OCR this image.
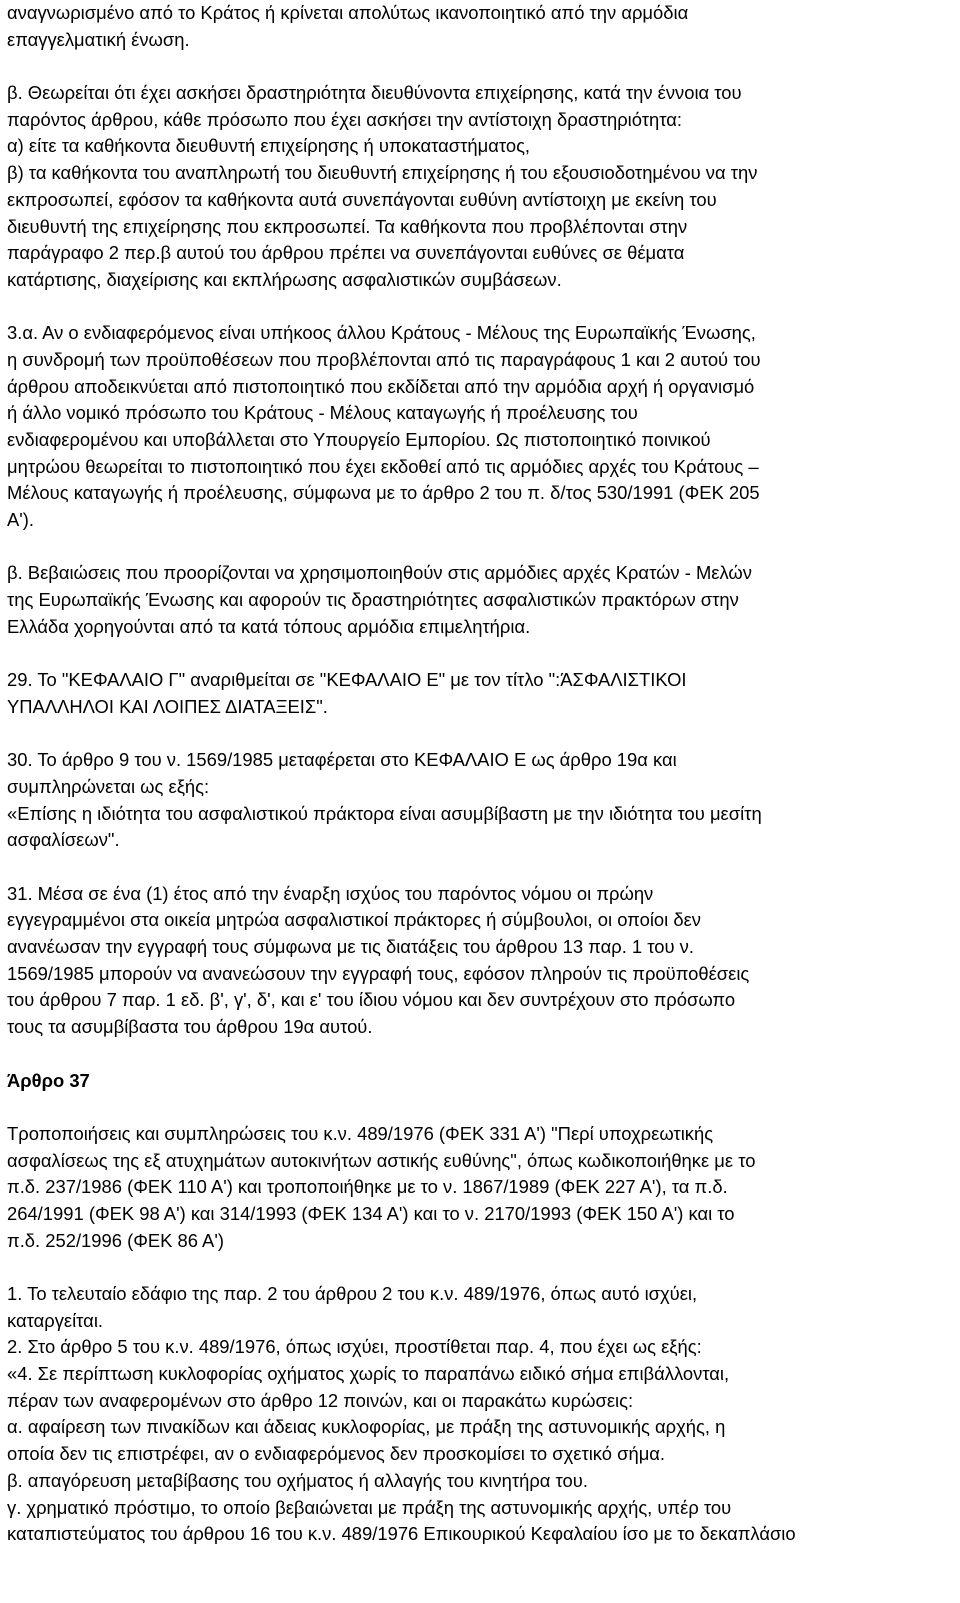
αναγνωρισμένο από το Κράτος ή κρίνεται απολύτως ικανοποιητικό από την αρμόδια
επαγγελματική ένωση.
β. Θεωρείται ότι έχει ασκήσει δραστηριότητα διευθύνοντα επιχείρησης, κατά την έννοια του
παρόντος άρθρου, κάθε πρόσωπο που έχει ασκήσει την αντίστοιχη δραστηριότητα:
α) είτε τα καθήκοντα διευθυντή επιχείρησης ή υποκαταστήματος,
β) τα καθήκοντα του αναπληρωτή του διευθυντή επιχείρησης ή του εξουσιοδοτημένου να την
εκπροσωπεί, εφόσον τα καθήκοντα αυτά συνεπάγονται ευθύνη αντίστοιχη με εκείνη του
διευθυντή της επιχείρησης που εκπροσωπεί. Τα καθήκοντα που προβλέπονται στην
παράγραφο 2 περ.β αυτού του άρθρου πρέπει να συνεπάγονται ευθύνες σε θέματα
κατάρτισης, διαχείρισης και εκπλήρωσης ασφαλιστικών συμβάσεων.
3.α. Αν ο ενδιαφερόμενος είναι υπήκοος άλλου Κράτους - Μέλους της Ευρωπαϊκής Ένωσης,
η συνδρομή των προϋποθέσεων που προβλέπονται από τις παραγράφους 1 και 2 αυτού του
άρθρου αποδεικνύεται από πιστοποιητικό που εκδίδεται από την αρμόδια αρχή ή οργανισμό
ή άλλο νομικό πρόσωπο του Κράτους - Μέλους καταγωγής ή προέλευσης του
ενδιαφερομένου και υποβάλλεται στο Υπουργείο Εμπορίου. Ως πιστοποιητικό ποινικού
μητρώου θεωρείται το πιστοποιητικό που έχει εκδοθεί από τις αρμόδιες αρχές του Κράτους –
Μέλους καταγωγής ή προέλευσης, σύμφωνα με το άρθρο 2 του π. δ/τος 530/1991 (ΦΕΚ 205
Α').
β. Βεβαιώσεις που προορίζονται να χρησιμοποιηθούν στις αρμόδιες αρχές Κρατών - Μελών
της Ευρωπαϊκής Ένωσης και αφορούν τις δραστηριότητες ασφαλιστικών πρακτόρων στην
Ελλάδα χορηγούνται από τα κατά τόπους αρμόδια επιμελητήρια.
29. Το "ΚΕΦΑΛΑΙΟ Γ" αναριθμείται σε "ΚΕΦΑΛΑΙΟ Ε" με τον τίτλο ":ΆΣΦΑΛΙΣΤΙΚΟΙ
ΥΠΑΛΛΗΛΟΙ ΚΑΙ ΛΟΙΠΕΣ ΔΙΑΤΑΞΕΙΣ".
30. Το άρθρο 9 του ν. 1569/1985 μεταφέρεται στο ΚΕΦΑΛΑΙΟ Ε ως άρθρο 19α και
συμπληρώνεται ως εξής:
«Επίσης η ιδιότητα του ασφαλιστικού πράκτορα είναι ασυμβίβαστη με την ιδιότητα του μεσίτη
ασφαλίσεων".
31. Μέσα σε ένα (1) έτος από την έναρξη ισχύος του παρόντος νόμου οι πρώην
εγγεγραμμένοι στα οικεία μητρώα ασφαλιστικοί πράκτορες ή σύμβουλοι, οι οποίοι δεν
ανανέωσαν την εγγραφή τους σύμφωνα με τις διατάξεις του άρθρου 13 παρ. 1 του ν.
1569/1985 μπορούν να ανανεώσουν την εγγραφή τους, εφόσον πληρούν τις προϋποθέσεις
του άρθρου 7 παρ. 1 εδ. β', γ', δ', και ε' του ίδιου νόμου και δεν συντρέχουν στο πρόσωπο
τους τα ασυμβίβαστα του άρθρου 19α αυτού.
Άρθρο 37
Τροποποιήσεις και συμπληρώσεις του κ.ν. 489/1976 (ΦΕΚ 331 Α') "Περί υποχρεωτικής
ασφαλίσεως της εξ ατυχημάτων αυτοκινήτων αστικής ευθύνης", όπως κωδικοποιήθηκε με το
π.δ. 237/1986 (ΦΕΚ 110 Α') και τροποποιήθηκε με το ν. 1867/1989 (ΦΕΚ 227 Α'), τα π.δ.
264/1991 (ΦΕΚ 98 Α') και 314/1993 (ΦΕΚ 134 Α') και το ν. 2170/1993 (ΦΕΚ 150 Α') και το
π.δ. 252/1996 (ΦΕΚ 86 Α')
1. Το τελευταίο εδάφιο της παρ. 2 του άρθρου 2 του κ.ν. 489/1976, όπως αυτό ισχύει,
καταργείται.
2. Στο άρθρο 5 του κ.ν. 489/1976, όπως ισχύει, προστίθεται παρ. 4, που έχει ως εξής:
«4. Σε περίπτωση κυκλοφορίας οχήματος χωρίς το παραπάνω ειδικό σήμα επιβάλλονται,
πέραν των αναφερομένων στο άρθρο 12 ποινών, και οι παρακάτω κυρώσεις:
α. αφαίρεση των πινακίδων και άδειας κυκλοφορίας, με πράξη της αστυνομικής αρχής, η
οποία δεν τις επιστρέφει, αν ο ενδιαφερόμενος δεν προσκομίσει το σχετικό σήμα.
β. απαγόρευση μεταβίβασης του οχήματος ή αλλαγής του κινητήρα του.
γ. χρηματικό πρόστιμο, το οποίο βεβαιώνεται με πράξη της αστυνομικής αρχής, υπέρ του
καταπιστεύματος του άρθρου 16 του κ.ν. 489/1976 Επικουρικού Κεφαλαίου ίσο με το δεκαπλάσιο
